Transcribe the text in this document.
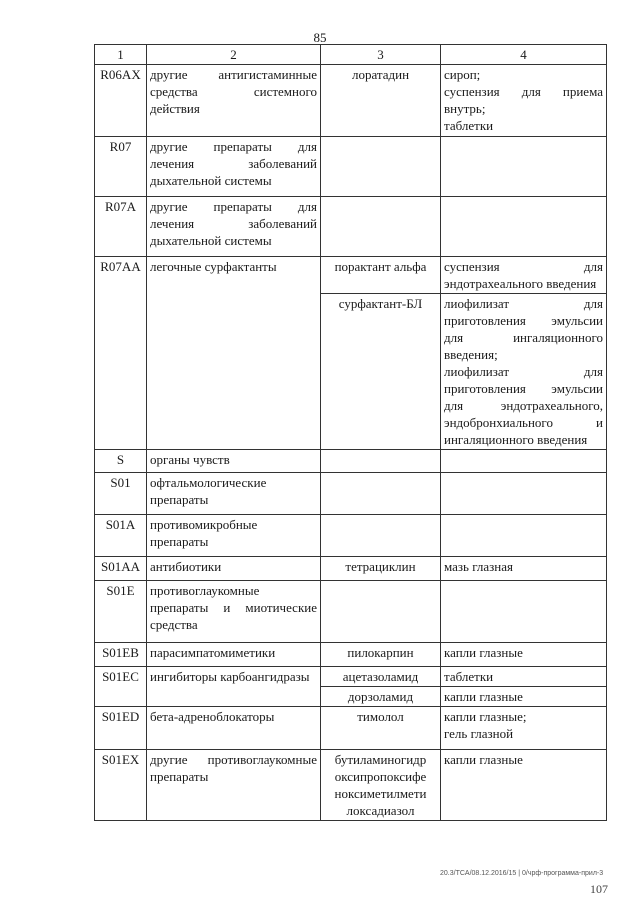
85
1	2	3	4
R06AX	другие антигистаминные средства системного действия	лоратадин	сироп;
суспензия для приема внутрь;
таблетки

R07	другие препараты для лечения заболеваний дыхательной системы		
R07A	другие препараты для лечения заболеваний дыхательной системы		
R07AA	легочные сурфактанты	порактант альфа	суспензия для эндотрахеального введения

		сурфактант-БЛ	лиофилизат для приготовления эмульсии для ингаляционного введения;
лиофилизат для приготовления эмульсии для эндотрахеального, эндобронхиального и ингаляционного введения

S	органы чувств		
S01	офтальмологические препараты		
S01A	противомикробные препараты		
S01AA	антибиотики	тетрациклин	мазь глазная

S01E	противоглаукомные препараты и миотические средства		
S01EB	парасимпатомиметики	пилокарпин	капли глазные

S01EC	ингибиторы карбоангидразы	ацетазоламид	таблетки

		дорзоламид	капли глазные

S01ED	бета-адреноблокаторы	тимолол	капли глазные;
гель глазной

S01EX	другие противоглаукомные препараты	бутиламиногидроксипропоксифеноксиметилметилоксадиазол	капли глазные
20.3/TCA/08.12.2016/15 | 0/чрф-программа-прил-3
107
